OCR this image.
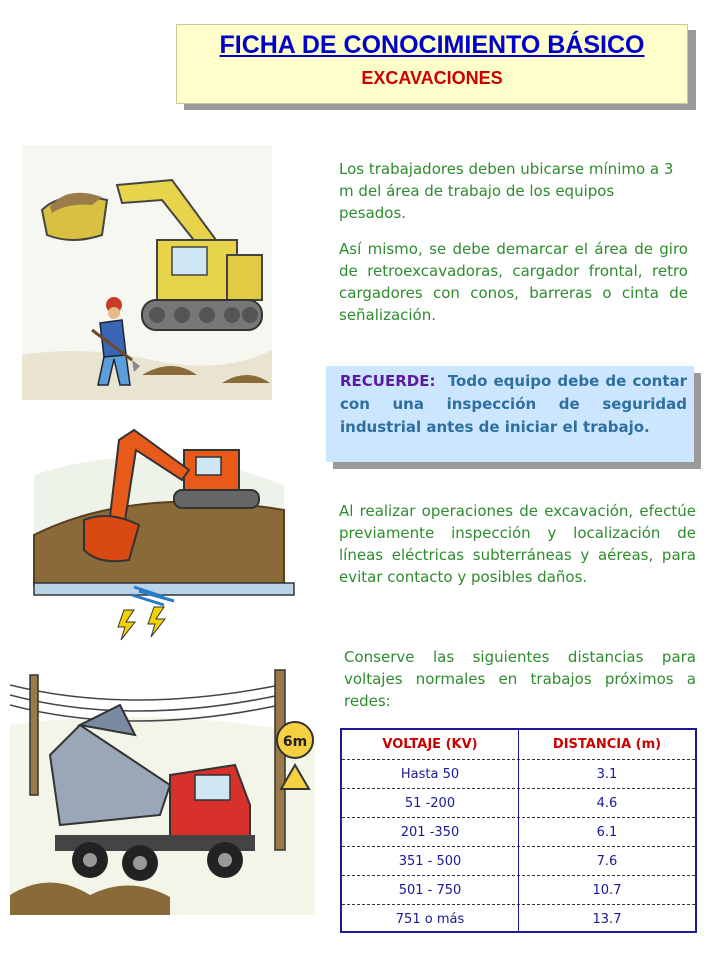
FICHA DE CONOCIMIENTO BÁSICO
EXCAVACIONES
6m
Los trabajadores deben ubicarse mínimo a 3 m del área de trabajo de los equipos pesados.
Así mismo, se debe demarcar el área de giro de retroexcavadoras, cargador frontal, retro cargadores con conos, barreras o cinta de señalización.
RECUERDE: Todo equipo debe de contar con una inspección de seguridad industrial antes de iniciar el trabajo.
Al realizar operaciones de excavación, efectúe previamente inspección y localización de líneas eléctricas subterráneas y aéreas, para evitar contacto y posibles daños.
Conserve las siguientes distancias para voltajes normales en trabajos próximos a redes:
VOLTAJE (KV)	DISTANCIA (m)
Hasta 50	3.1
51 -200	4.6
201 -350	6.1
351 - 500	7.6
501 - 750	10.7
751 o más	13.7
